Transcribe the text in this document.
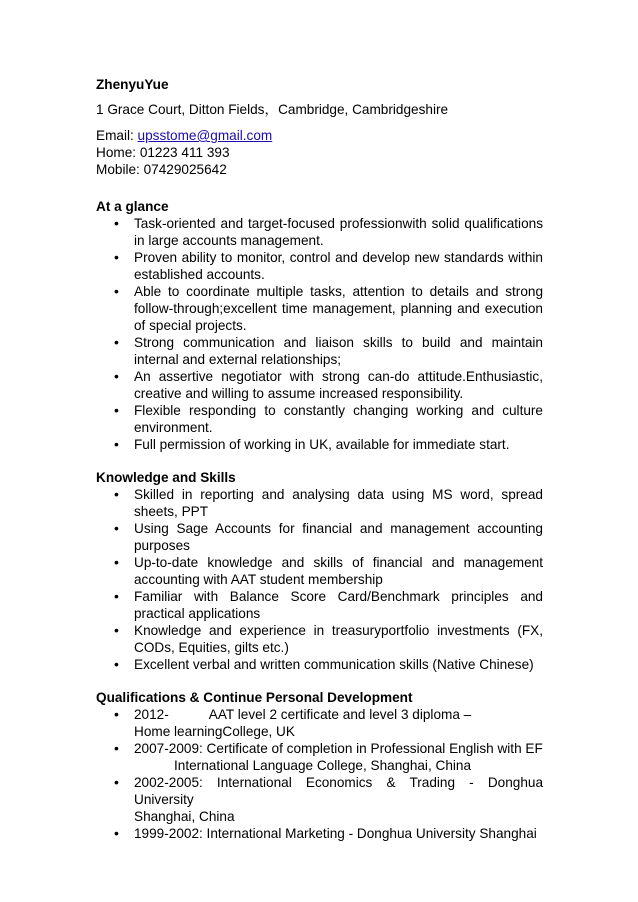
ZhenyuYue

1 Grace Court, Ditton Fields，Cambridge, Cambridgeshire

Email: upsstome@gmail.com

Home: 01223 411 393

Mobile: 07429025642

At a glance

• Task-oriented and target-focused professionwith solid qualifications in large accounts management.
• Proven ability to monitor, control and develop new standards within established accounts.
• Able to coordinate multiple tasks, attention to details and strong follow-through;excellent time management, planning and execution of special projects.
• Strong communication and liaison skills to build and maintain internal and external relationships;
• An assertive negotiator with strong can-do attitude.Enthusiastic, creative and willing to assume increased responsibility.
• Flexible responding to constantly changing working and culture environment.
• Full permission of working in UK, available for immediate start.

Knowledge and Skills

• Skilled in reporting and analysing data using MS word, spread sheets, PPT
• Using Sage Accounts for financial and management accounting purposes
• Up-to-date knowledge and skills of financial and management accounting with AAT student membership
• Familiar with Balance Score Card/Benchmark principles and practical applications
• Knowledge and experience in treasuryportfolio investments (FX, CODs, Equities, gilts etc.)
• Excellent verbal and written communication skills (Native Chinese)

Qualifications & Continue Personal Development

• 2012-	AAT level 2 certificate and level 3 diploma –
Home learningCollege, UK
• 2007-2009: Certificate of completion in Professional English with EF
International Language College, Shanghai, China
• 2002-2005: International Economics & Trading - Donghua University
Shanghai, China
• 1999-2002: International Marketing - Donghua University Shanghai
